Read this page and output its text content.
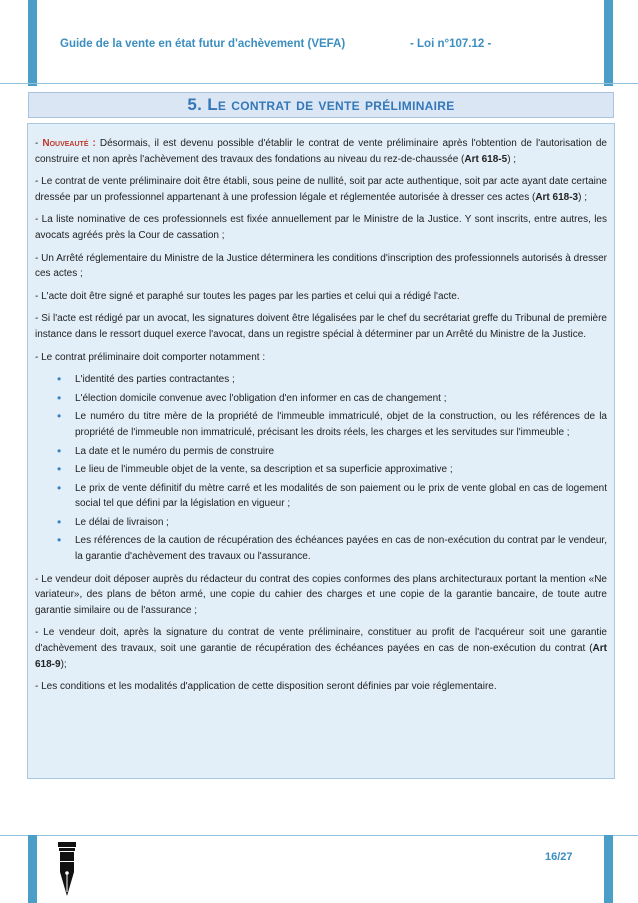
Guide de la vente en état futur d'achèvement (VEFA)	- Loi n°107.12 -
5. Le contrat de vente préliminaire

- Nouveauté : Désormais, il est devenu possible d'établir le contrat de vente préliminaire après l'obtention de l'autorisation de construire et non après l'achèvement des travaux des fondations au niveau du rez-de-chaussée (Art 618-5) ;

- Le contrat de vente préliminaire doit être établi, sous peine de nullité, soit par acte authentique, soit par acte ayant date certaine dressée par un professionnel appartenant à une profession légale et réglementée autorisée à dresser ces actes (Art 618-3) ;

- La liste nominative de ces professionnels est fixée annuellement par le Ministre de la Justice. Y sont inscrits, entre autres, les avocats agréés près la Cour de cassation ;

- Un Arrêté réglementaire du Ministre de la Justice déterminera les conditions d'inscription des professionnels autorisés à dresser ces actes ;

- L'acte doit être signé et paraphé sur toutes les pages par les parties et celui qui a rédigé l'acte.

- Si l'acte est rédigé par un avocat, les signatures doivent être légalisées par le chef du secrétariat greffe du Tribunal de première instance dans le ressort duquel exerce l'avocat, dans un registre spécial à déterminer par un Arrêté du Ministre de la Justice.

- Le contrat préliminaire doit comporter notamment :

• L'identité des parties contractantes ;
• L'élection domicile convenue avec l'obligation d'en informer en cas de changement ;
• Le numéro du titre mère de la propriété de l'immeuble immatriculé, objet de la construction, ou les références de la propriété de l'immeuble non immatriculé, précisant les droits réels, les charges et les servitudes sur l'immeuble ;
• La date et le numéro du permis de construire
• Le lieu de l'immeuble objet de la vente, sa description et sa superficie approximative ;
• Le prix de vente définitif du mètre carré et les modalités de son paiement ou le prix de vente global en cas de logement social tel que défini par la législation en vigueur ;
• Le délai de livraison ;
• Les références de la caution de récupération des échéances payées en cas de non-exécution du contrat par le vendeur, la garantie d'achèvement des travaux ou l'assurance.

- Le vendeur doit déposer auprès du rédacteur du contrat des copies conformes des plans architecturaux portant la mention «Ne variateur», des plans de béton armé, une copie du cahier des charges et une copie de la garantie bancaire, de toute autre garantie similaire ou de l'assurance ;

- Le vendeur doit, après la signature du contrat de vente préliminaire, constituer au profit de l'acquéreur soit une garantie d'achèvement des travaux, soit une garantie de récupération des échéances payées en cas de non-exécution du contrat (Art 618-9);

- Les conditions et les modalités d'application de cette disposition seront définies par voie réglementaire.

16/27
